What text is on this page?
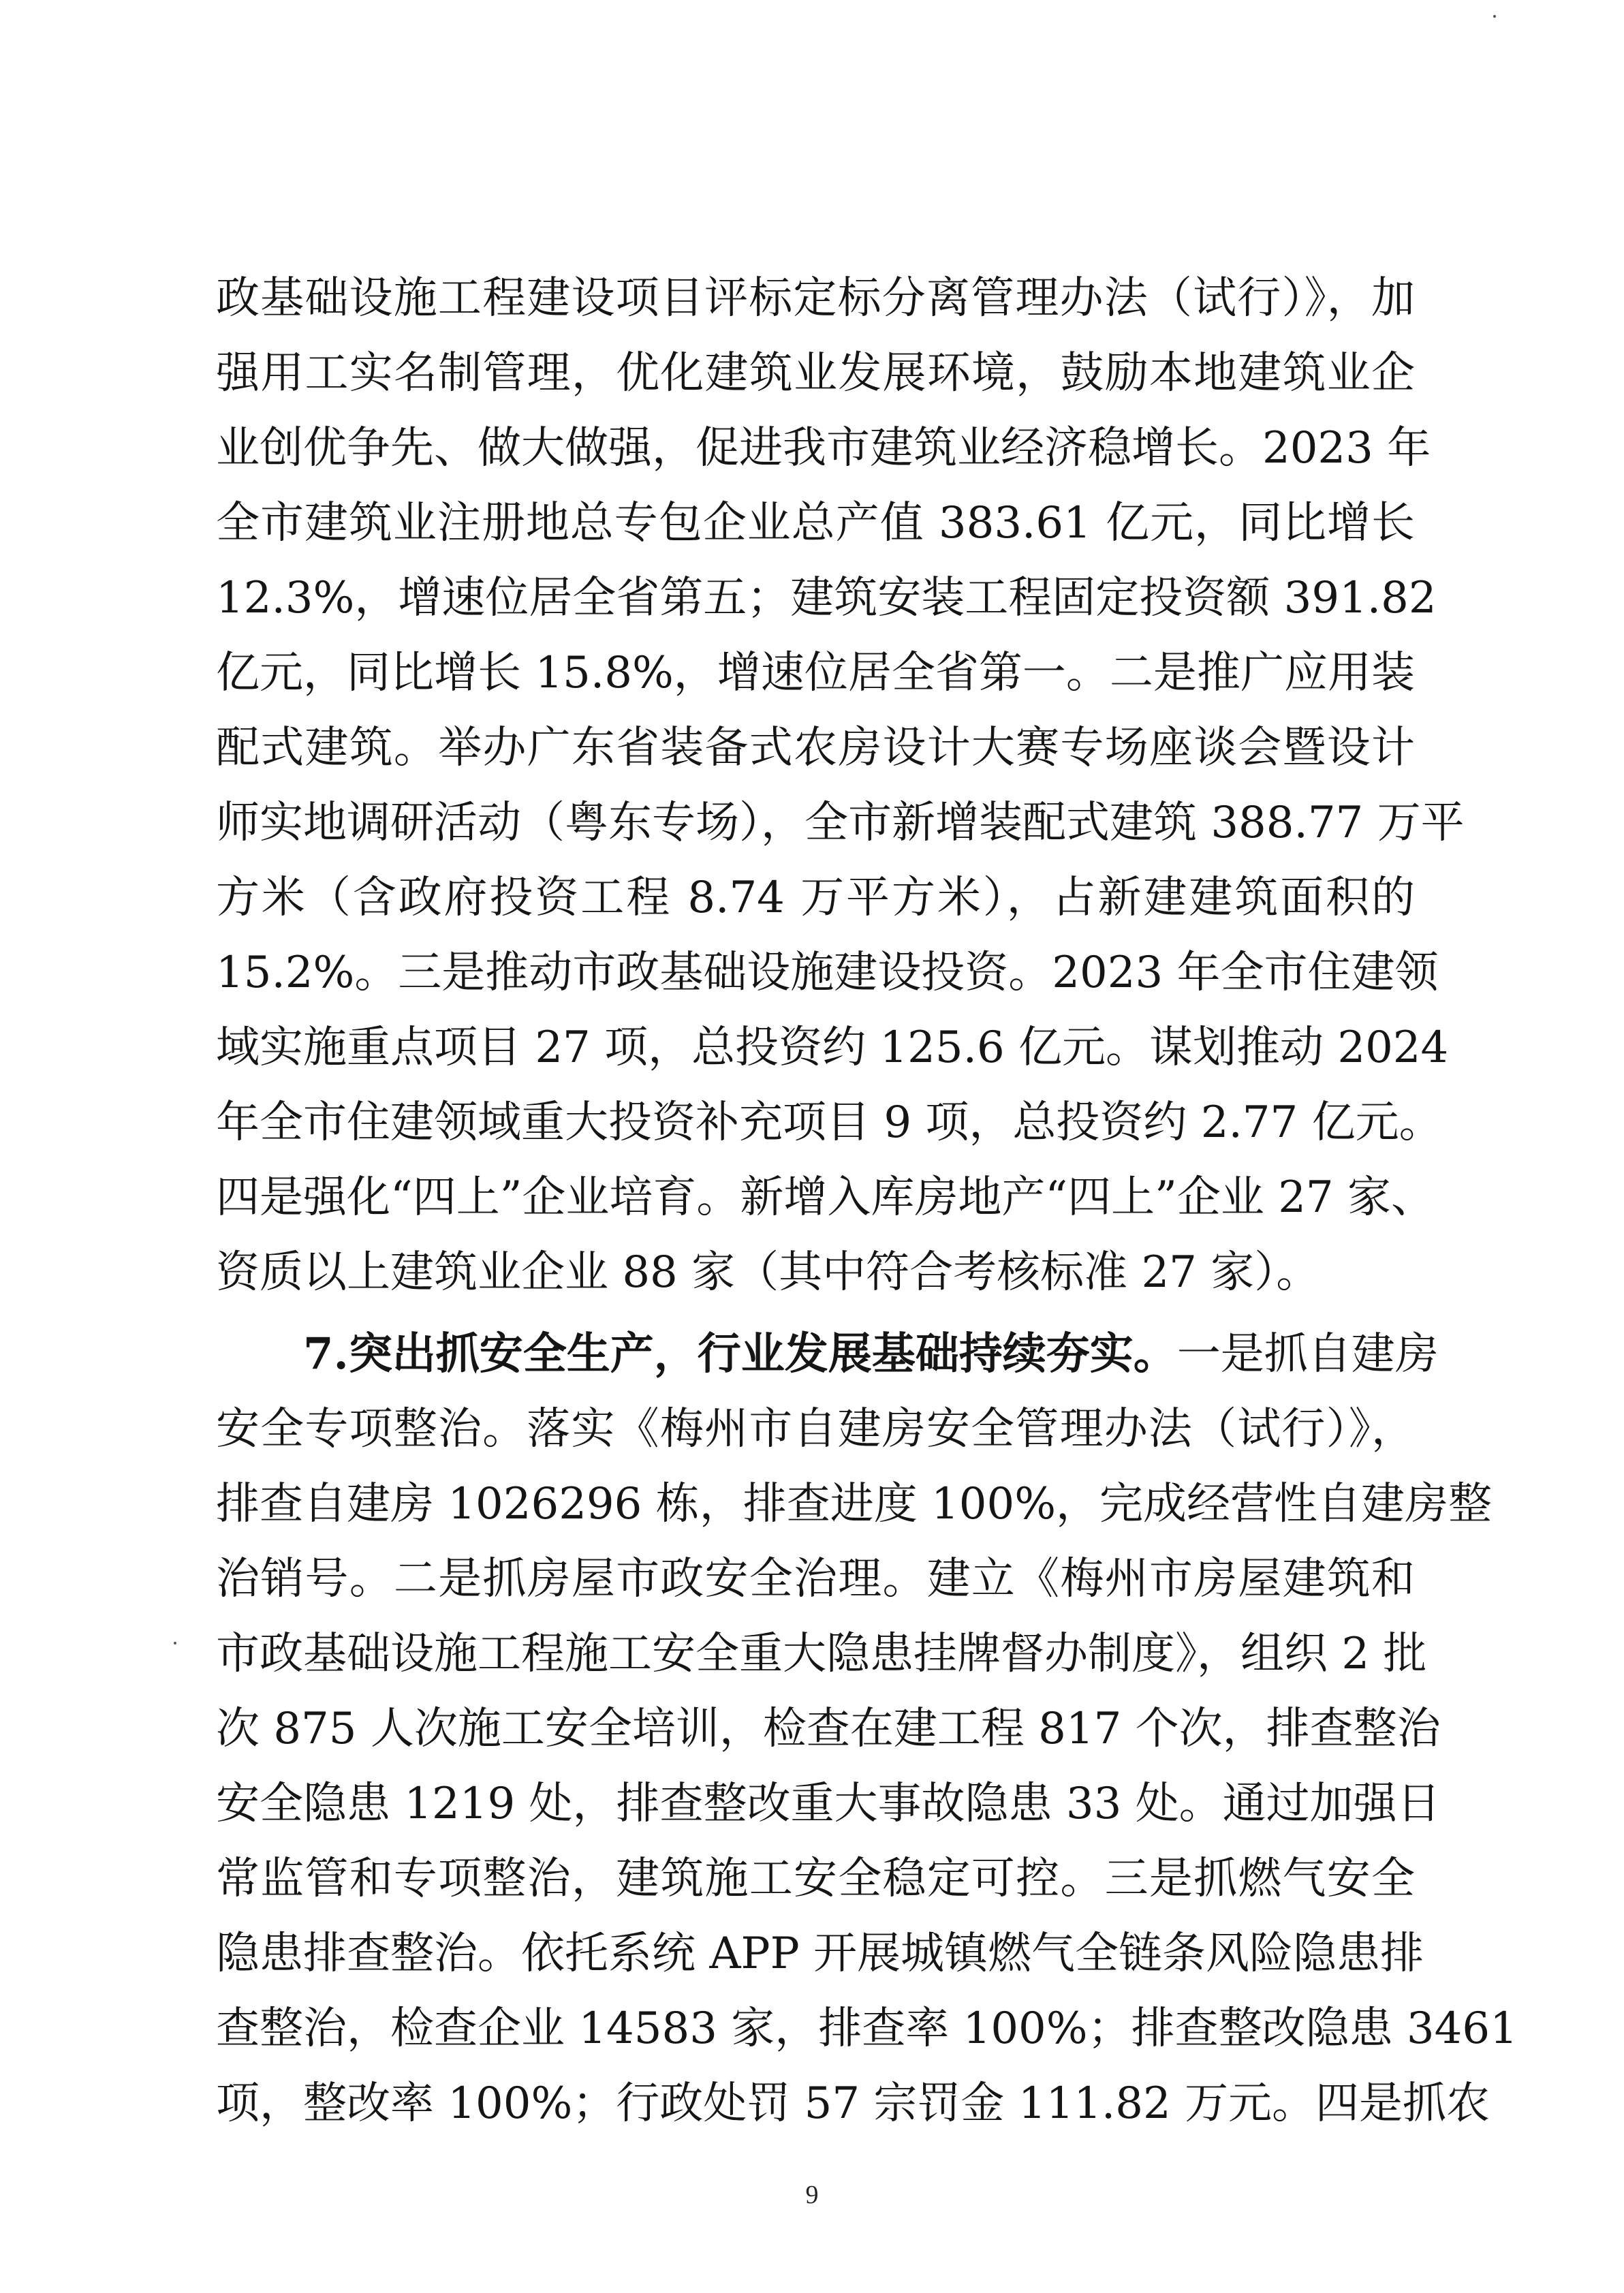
政基础设施工程建设项目评标定标分离管理办法（试行）》，加
强用工实名制管理，优化建筑业发展环境，鼓励本地建筑业企
业创优争先、做大做强，促进我市建筑业经济稳增长。2023 年
全市建筑业注册地总专包企业总产值 383.61 亿元，同比增长
12.3%，增速位居全省第五；建筑安装工程固定投资额 391.82
亿元，同比增长 15.8%，增速位居全省第一。二是推广应用装
配式建筑。举办广东省装备式农房设计大赛专场座谈会暨设计
师实地调研活动（粤东专场），全市新增装配式建筑 388.77 万平
方米（含政府投资工程 8.74 万平方米），占新建建筑面积的
15.2%。三是推动市政基础设施建设投资。2023 年全市住建领
域实施重点项目 27 项，总投资约 125.6 亿元。谋划推动 2024
年全市住建领域重大投资补充项目 9 项，总投资约 2.77 亿元。
四是强化“四上”企业培育。新增入库房地产“四上”企业 27 家、
资质以上建筑业企业 88 家（其中符合考核标准 27 家）。
7.突出抓安全生产，行业发展基础持续夯实。一是抓自建房
安全专项整治。落实《梅州市自建房安全管理办法（试行）》，
排查自建房 1026296 栋，排查进度 100%，完成经营性自建房整
治销号。二是抓房屋市政安全治理。建立《梅州市房屋建筑和
市政基础设施工程施工安全重大隐患挂牌督办制度》，组织 2 批
次 875 人次施工安全培训，检查在建工程 817 个次，排查整治
安全隐患 1219 处，排查整改重大事故隐患 33 处。通过加强日
常监管和专项整治，建筑施工安全稳定可控。三是抓燃气安全
隐患排查整治。依托系统 APP 开展城镇燃气全链条风险隐患排
查整治，检查企业 14583 家，排查率 100%；排查整改隐患 3461
项，整改率 100%；行政处罚 57 宗罚金 111.82 万元。四是抓农
9
